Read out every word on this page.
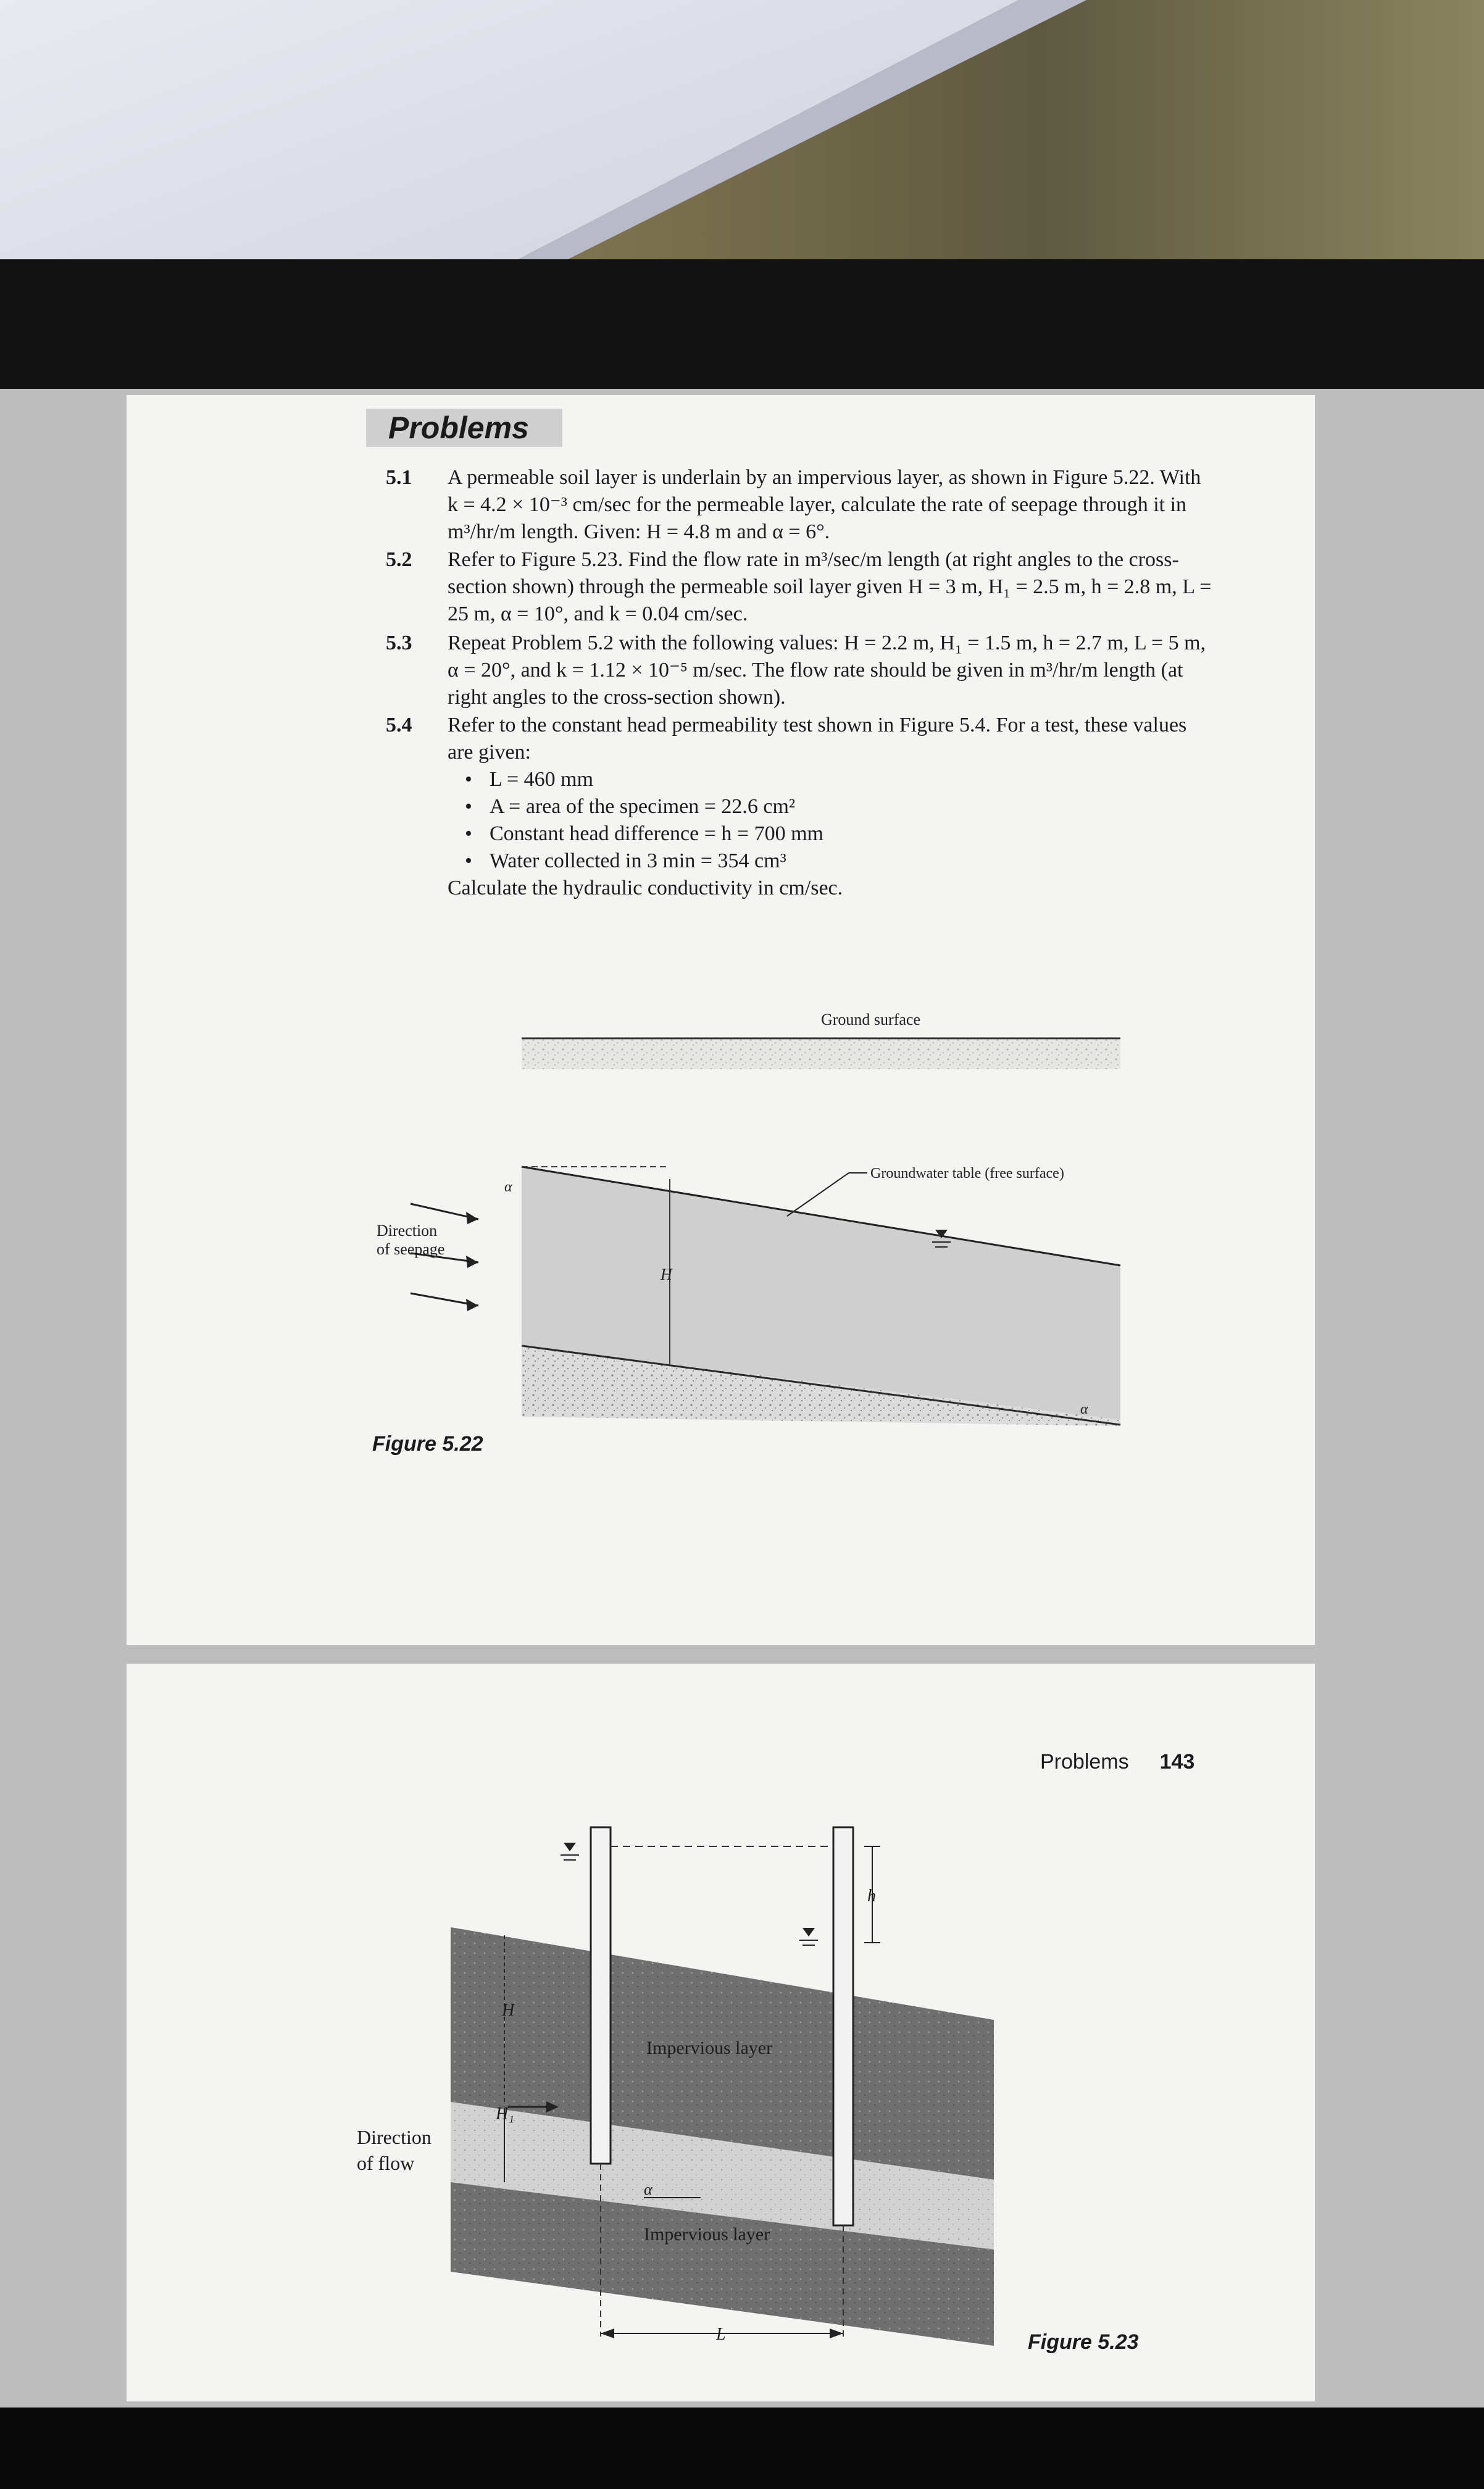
Problems
5.1 A permeable soil layer is underlain by an impervious layer, as shown in Figure 5.22. With k = 4.2 × 10⁻³ cm/sec for the permeable layer, calculate the rate of seepage through it in m³/hr/m length. Given: H = 4.8 m and α = 6°.
5.2 Refer to Figure 5.23. Find the flow rate in m³/sec/m length (at right angles to the cross-section shown) through the permeable soil layer given H = 3 m, H₁ = 2.5 m, h = 2.8 m, L = 25 m, α = 10°, and k = 0.04 cm/sec.
5.3 Repeat Problem 5.2 with the following values: H = 2.2 m, H₁ = 1.5 m, h = 2.7 m, L = 5 m, α = 20°, and k = 1.12 × 10⁻⁵ m/sec. The flow rate should be given in m³/hr/m length (at right angles to the cross-section shown).
5.4 Refer to the constant head permeability test shown in Figure 5.4. For a test, these values are given:
• L = 460 mm
• A = area of the specimen = 22.6 cm²
• Constant head difference = h = 700 mm
• Water collected in 3 min = 354 cm³
Calculate the hydraulic conductivity in cm/sec.
Ground surface
Groundwater table (free surface)
Direction
of seepage
H
α
α
Figure 5.22
Problems 143
Impervious layer
Impervious layer
Direction
of flow
H
H₁
h
L
α
Figure 5.23
